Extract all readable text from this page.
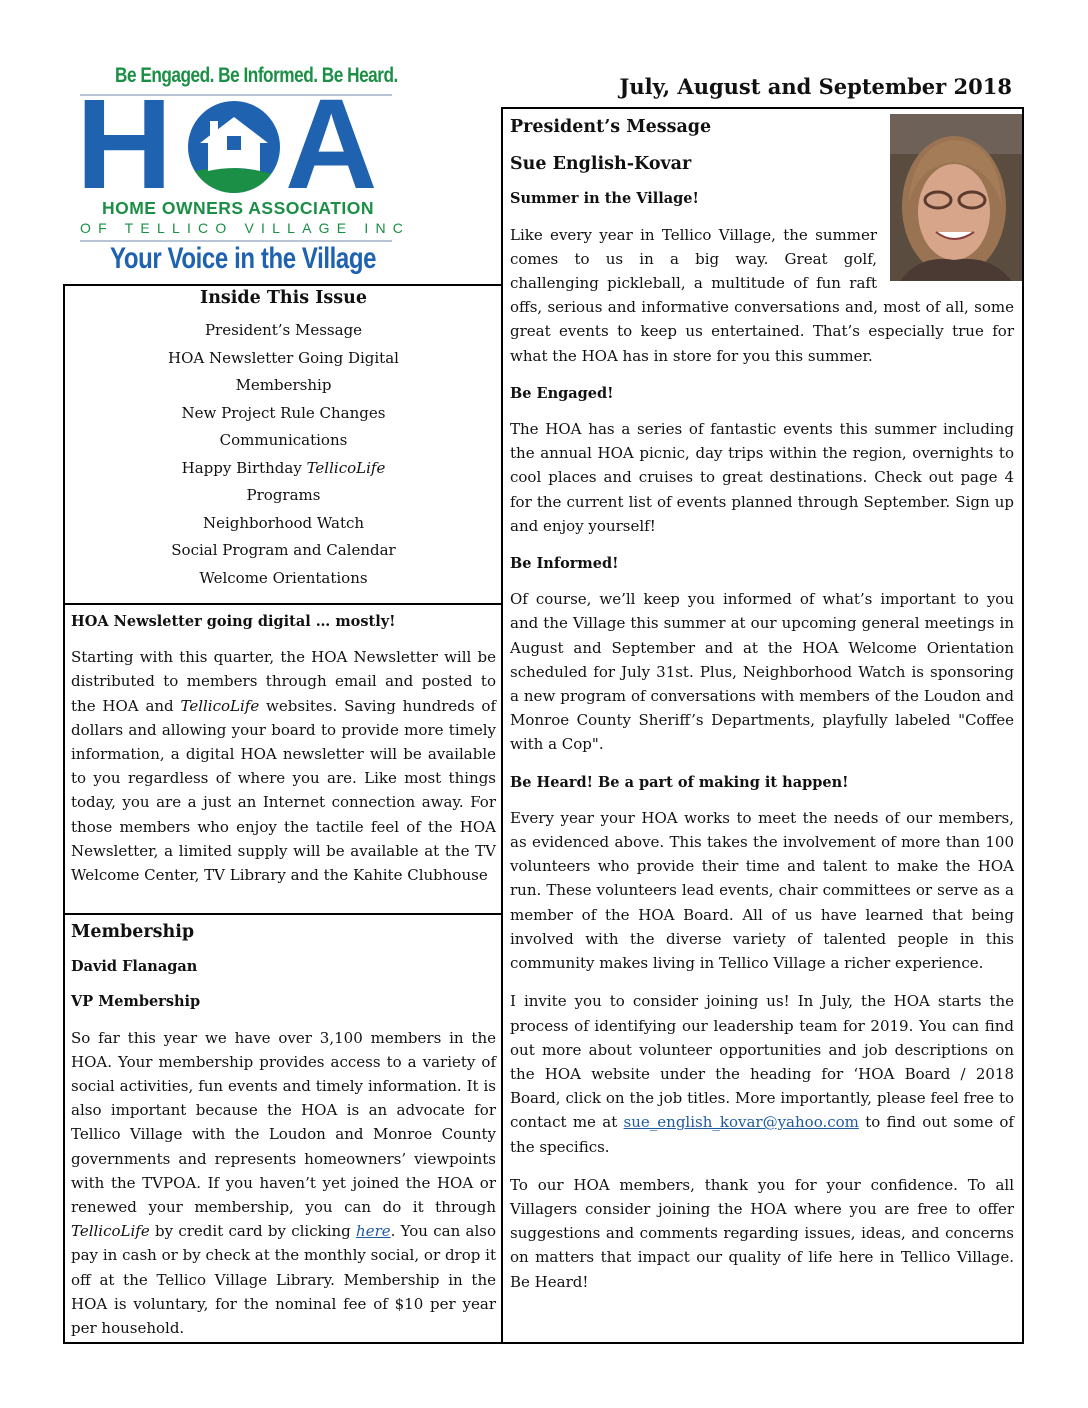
Be Engaged. Be Informed. Be Heard.
H A
HOME OWNERS ASSOCIATION
OF TELLICO VILLAGE INC
Your Voice in the Village
July, August and September 2018
Inside This Issue
President’s Message
HOA Newsletter Going Digital
Membership
New Project Rule Changes
Communications
Happy Birthday TellicoLife
Programs
Neighborhood Watch
Social Program and Calendar
Welcome Orientations

HOA Newsletter going digital … mostly!

Starting with this quarter, the HOA Newsletter will be distributed to members through email and posted to the HOA and TellicoLife websites. Saving hundreds of dollars and allowing your board to provide more timely information, a digital HOA newsletter will be available to you regardless of where you are. Like most things today, you are a just an Internet connection away. For those members who enjoy the tactile feel of the HOA Newsletter, a limited supply will be available at the TV Welcome Center, TV Library and the Kahite Clubhouse

Membership

David Flanagan

VP Membership

So far this year we have over 3,100 members in the HOA. Your membership provides access to a variety of social activities, fun events and timely information. It is also important because the HOA is an advocate for Tellico Village with the Loudon and Monroe County governments and represents homeowners’ viewpoints with the TVPOA. If you haven’t yet joined the HOA or renewed your membership, you can do it through TellicoLife by credit card by clicking here. You can also pay in cash or by check at the monthly social, or drop it off at the Tellico Village Library. Membership in the HOA is voluntary, for the nominal fee of $10 per year per household.

President’s Message

Sue English-Kovar

Summer in the Village!

Like every year in Tellico Village, the summer comes to us in a big way. Great golf, challenging pickleball, a multitude of fun raft offs, serious and informative conversations and, most of all, some great events to keep us entertained. That’s especially true for what the HOA has in store for you this summer.

Be Engaged!

The HOA has a series of fantastic events this summer including the annual HOA picnic, day trips within the region, overnights to cool places and cruises to great destinations. Check out page 4 for the current list of events planned through September. Sign up and enjoy yourself!

Be Informed!

Of course, we’ll keep you informed of what’s important to you and the Village this summer at our upcoming general meetings in August and September and at the HOA Welcome Orientation scheduled for July 31st. Plus, Neighborhood Watch is sponsoring a new program of conversations with members of the Loudon and Monroe County Sheriff’s Departments, playfully labeled "Coffee with a Cop".

Be Heard! Be a part of making it happen!

Every year your HOA works to meet the needs of our members, as evidenced above. This takes the involvement of more than 100 volunteers who provide their time and talent to make the HOA run. These volunteers lead events, chair committees or serve as a member of the HOA Board. All of us have learned that being involved with the diverse variety of talented people in this community makes living in Tellico Village a richer experience.

I invite you to consider joining us! In July, the HOA starts the process of identifying our leadership team for 2019. You can find out more about volunteer opportunities and job descriptions on the HOA website under the heading for ‘HOA Board / 2018 Board, click on the job titles. More importantly, please feel free to contact me at sue_english_kovar@yahoo.com to find out some of the specifics.

To our HOA members, thank you for your confidence. To all Villagers consider joining the HOA where you are free to offer suggestions and comments regarding issues, ideas, and concerns on matters that impact our quality of life here in Tellico Village. Be Heard!
